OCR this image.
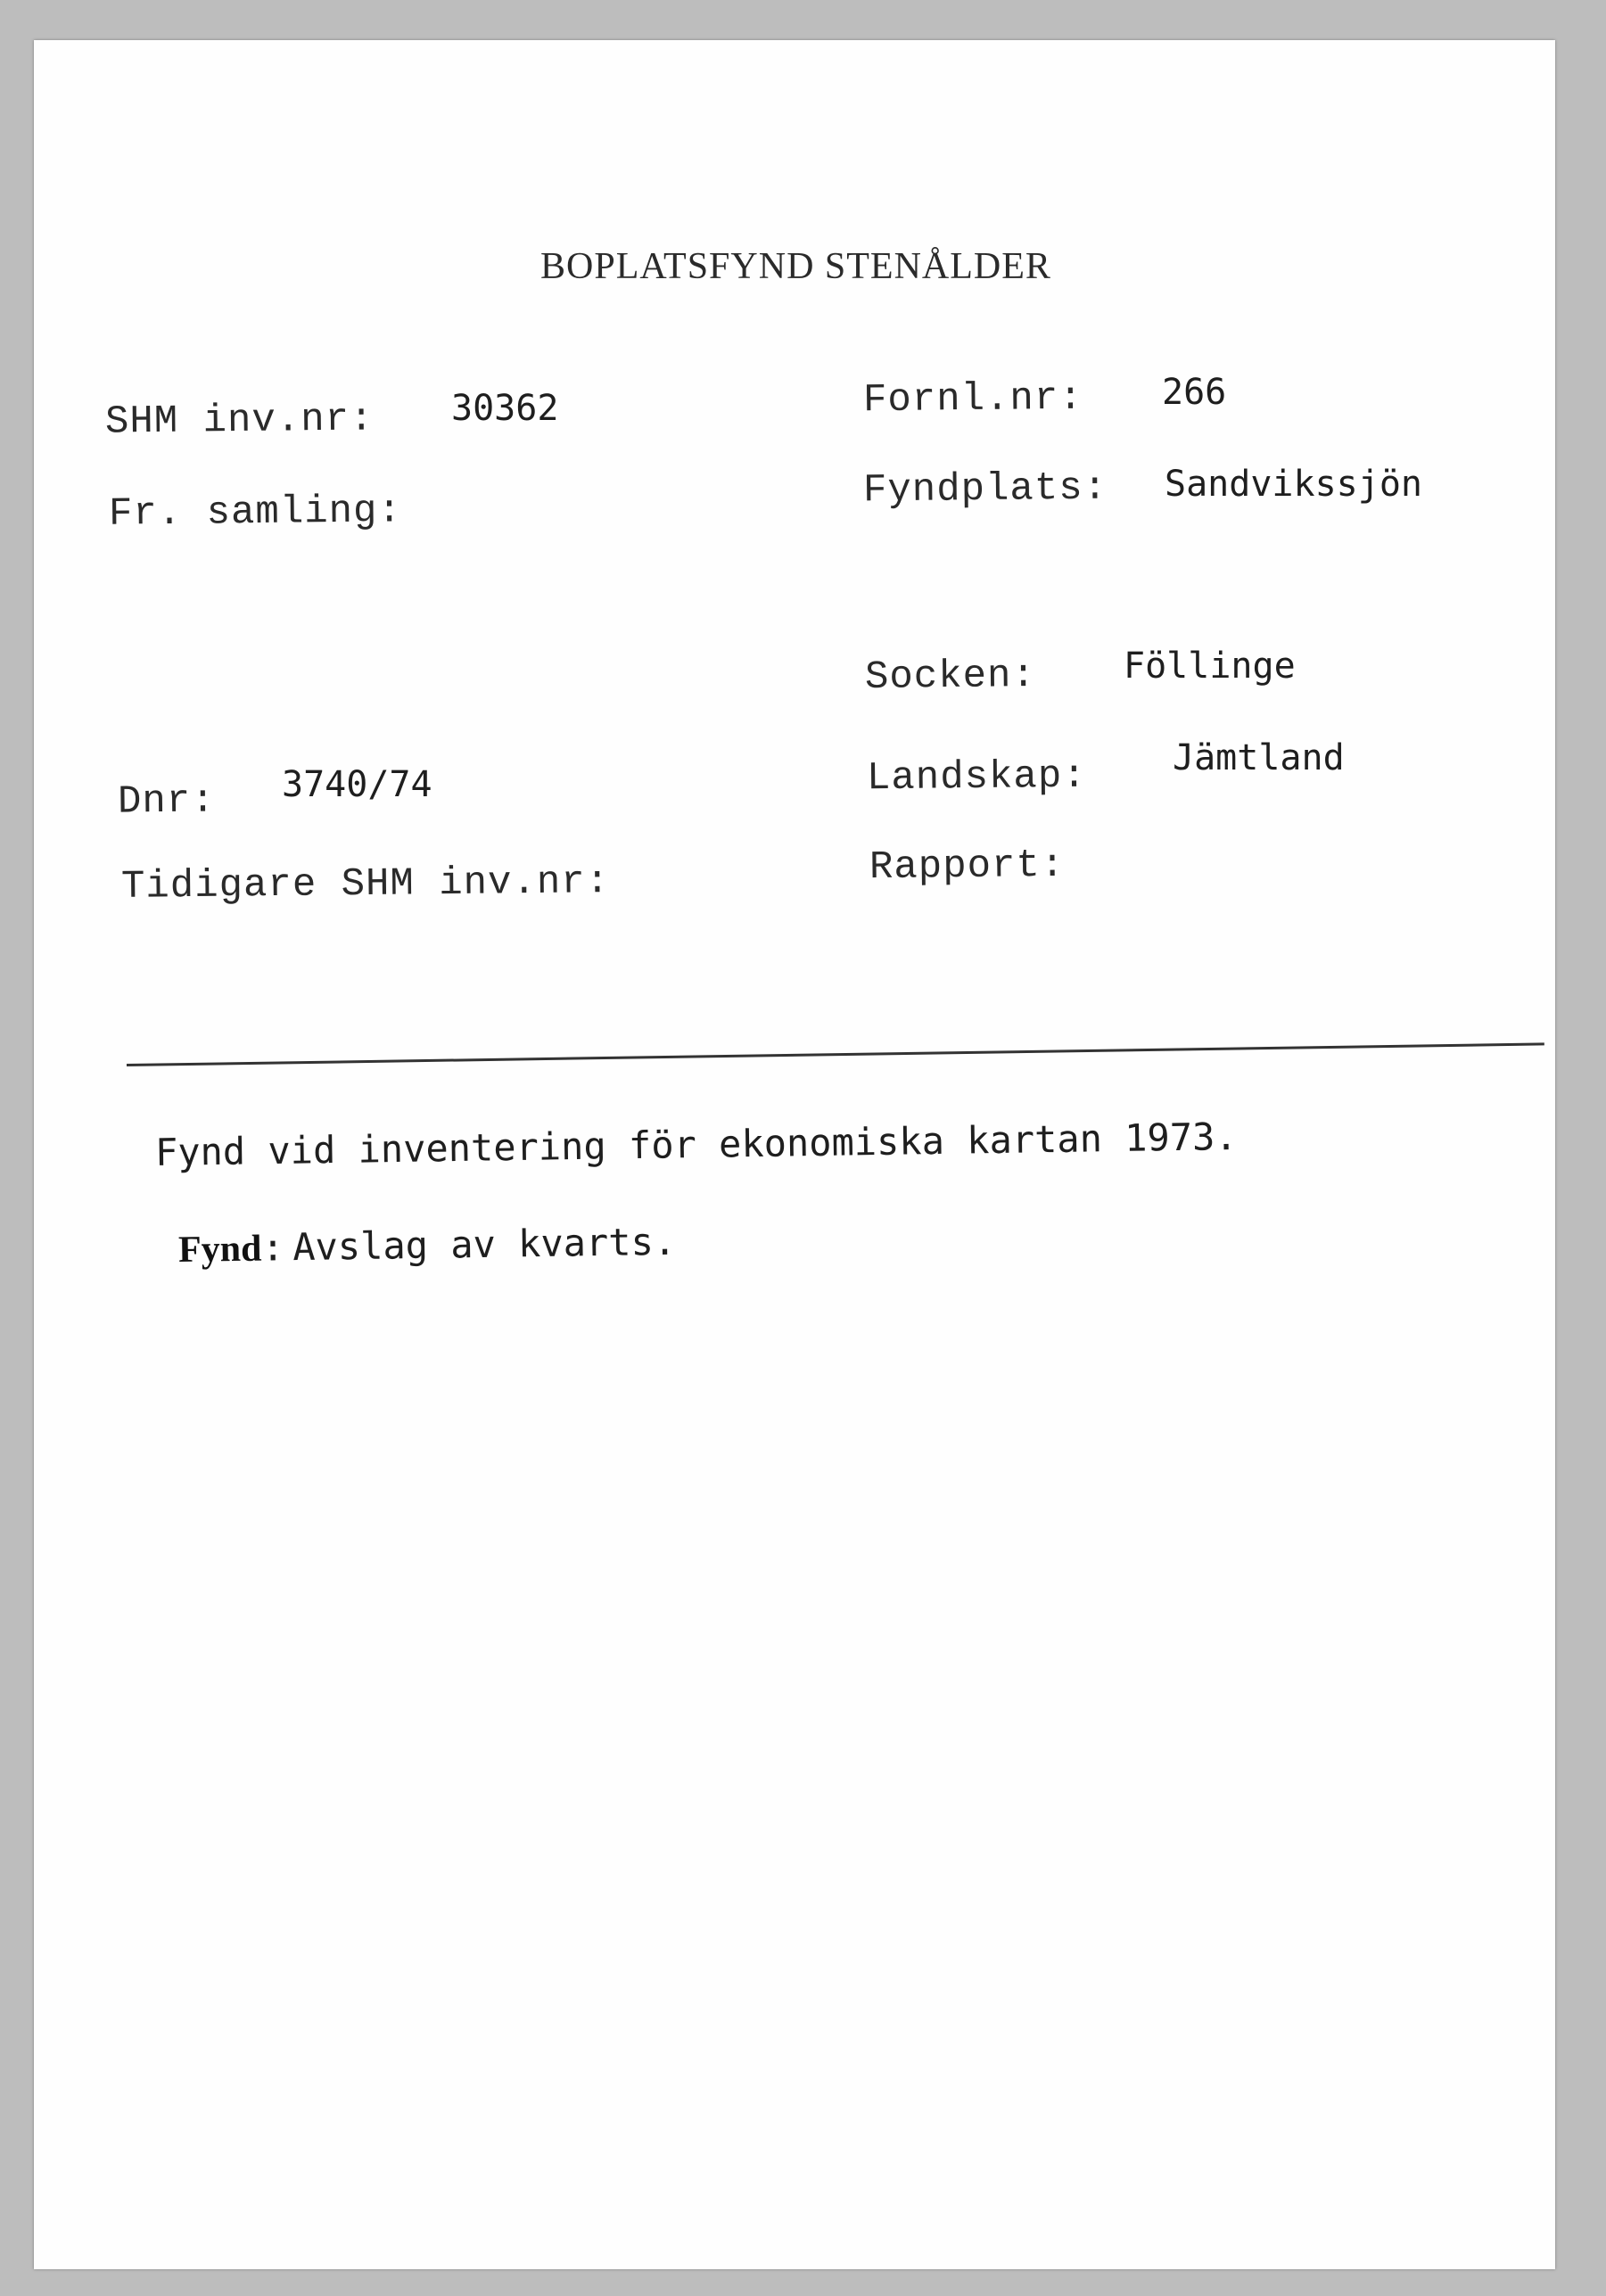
BOPLATSFYND STENÅLDER
SHM inv.nr: 30362
Fr. samling:
Fornl.nr: 266
Fyndplats: Sandvikssjön
Socken: Föllinge
Dnr: 3740/74	Landskap: Jämtland
Tidigare SHM inv.nr:	Rapport:
Fynd vid inventering för ekonomiska kartan 1973.
Fynd: Avslag av kvarts.
